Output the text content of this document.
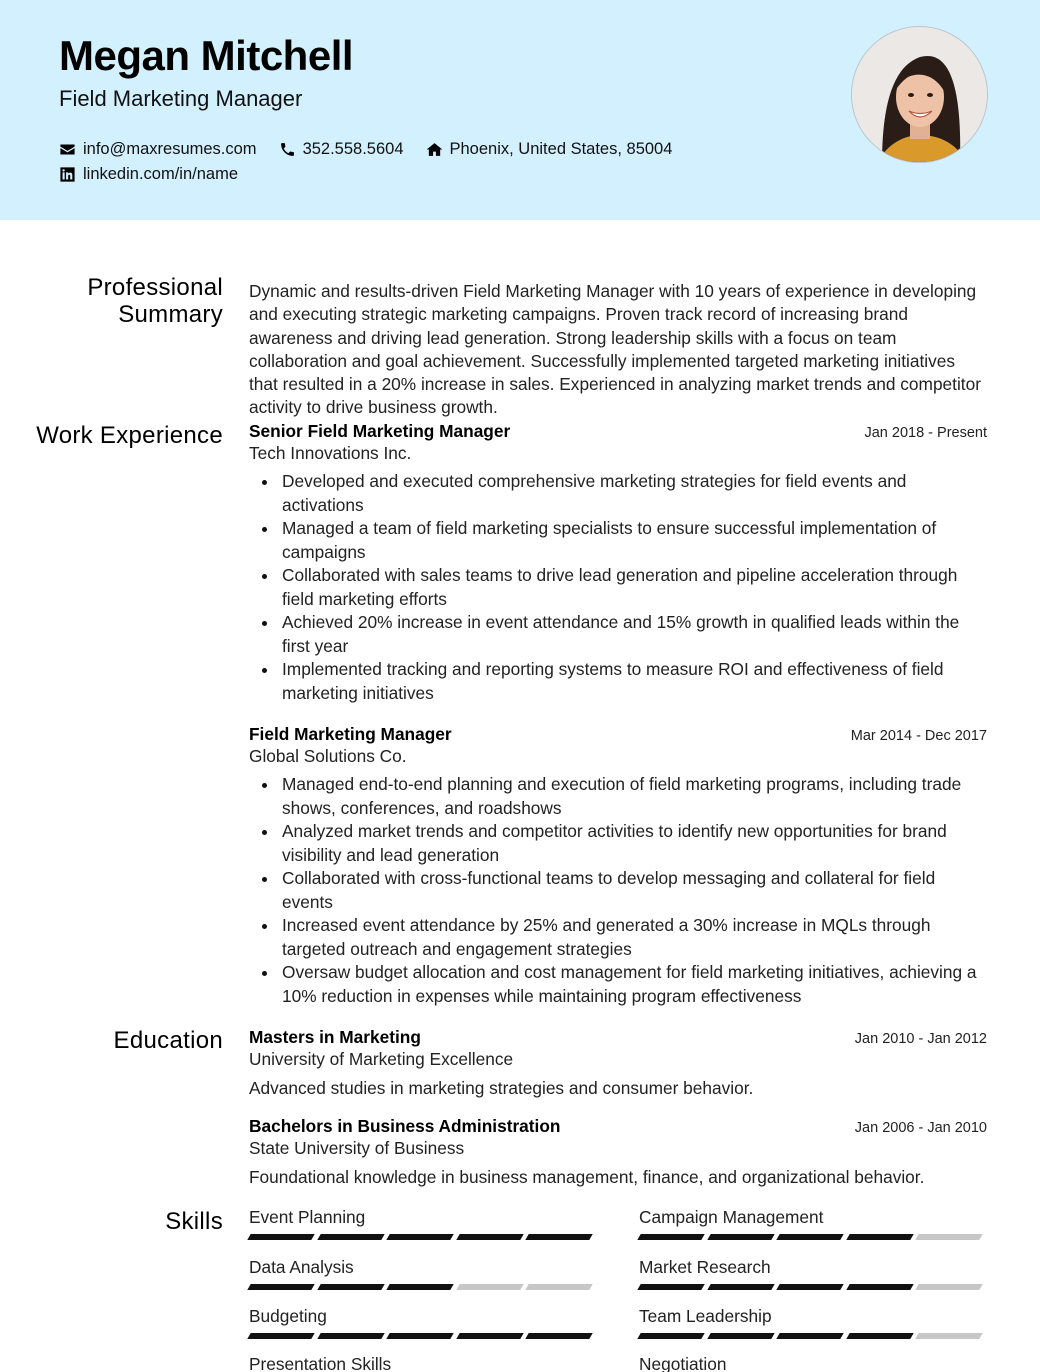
Megan Mitchell
Field Marketing Manager
info@maxresumes.com	352.558.5604	Phoenix, United States, 85004
linkedin.com/in/name
Professional Summary

Dynamic and results-driven Field Marketing Manager with 10 years of experience in developing and executing strategic marketing campaigns. Proven track record of increasing brand awareness and driving lead generation. Strong leadership skills with a focus on team collaboration and goal achievement. Successfully implemented targeted marketing initiatives that resulted in a 20% increase in sales. Experienced in analyzing market trends and competitor activity to drive business growth.

Work Experience Senior Field Marketing Manager	Jan 2018 - Present
Tech Innovations Inc.
Developed and executed comprehensive marketing strategies for field events and activations
Managed a team of field marketing specialists to ensure successful implementation of campaigns
Collaborated with sales teams to drive lead generation and pipeline acceleration through field marketing efforts
Achieved 20% increase in event attendance and 15% growth in qualified leads within the first year
Implemented tracking and reporting systems to measure ROI and effectiveness of field marketing initiatives
Field Marketing Manager	Mar 2014 - Dec 2017
Global Solutions Co.
Managed end-to-end planning and execution of field marketing programs, including trade shows, conferences, and roadshows
Analyzed market trends and competitor activities to identify new opportunities for brand visibility and lead generation
Collaborated with cross-functional teams to develop messaging and collateral for field events
Increased event attendance by 25% and generated a 30% increase in MQLs through targeted outreach and engagement strategies
Oversaw budget allocation and cost management for field marketing initiatives, achieving a 10% reduction in expenses while maintaining program effectiveness
Education Masters in Marketing	Jan 2010 - Jan 2012
University of Marketing Excellence

Advanced studies in marketing strategies and consumer behavior.

Bachelors in Business Administration	Jan 2006 - Jan 2010
State University of Business

Foundational knowledge in business management, finance, and organizational behavior.

Skills Event Planning	Campaign Management
Data Analysis	Market Research
Budgeting	Team Leadership
Presentation Skills	Negotiation
